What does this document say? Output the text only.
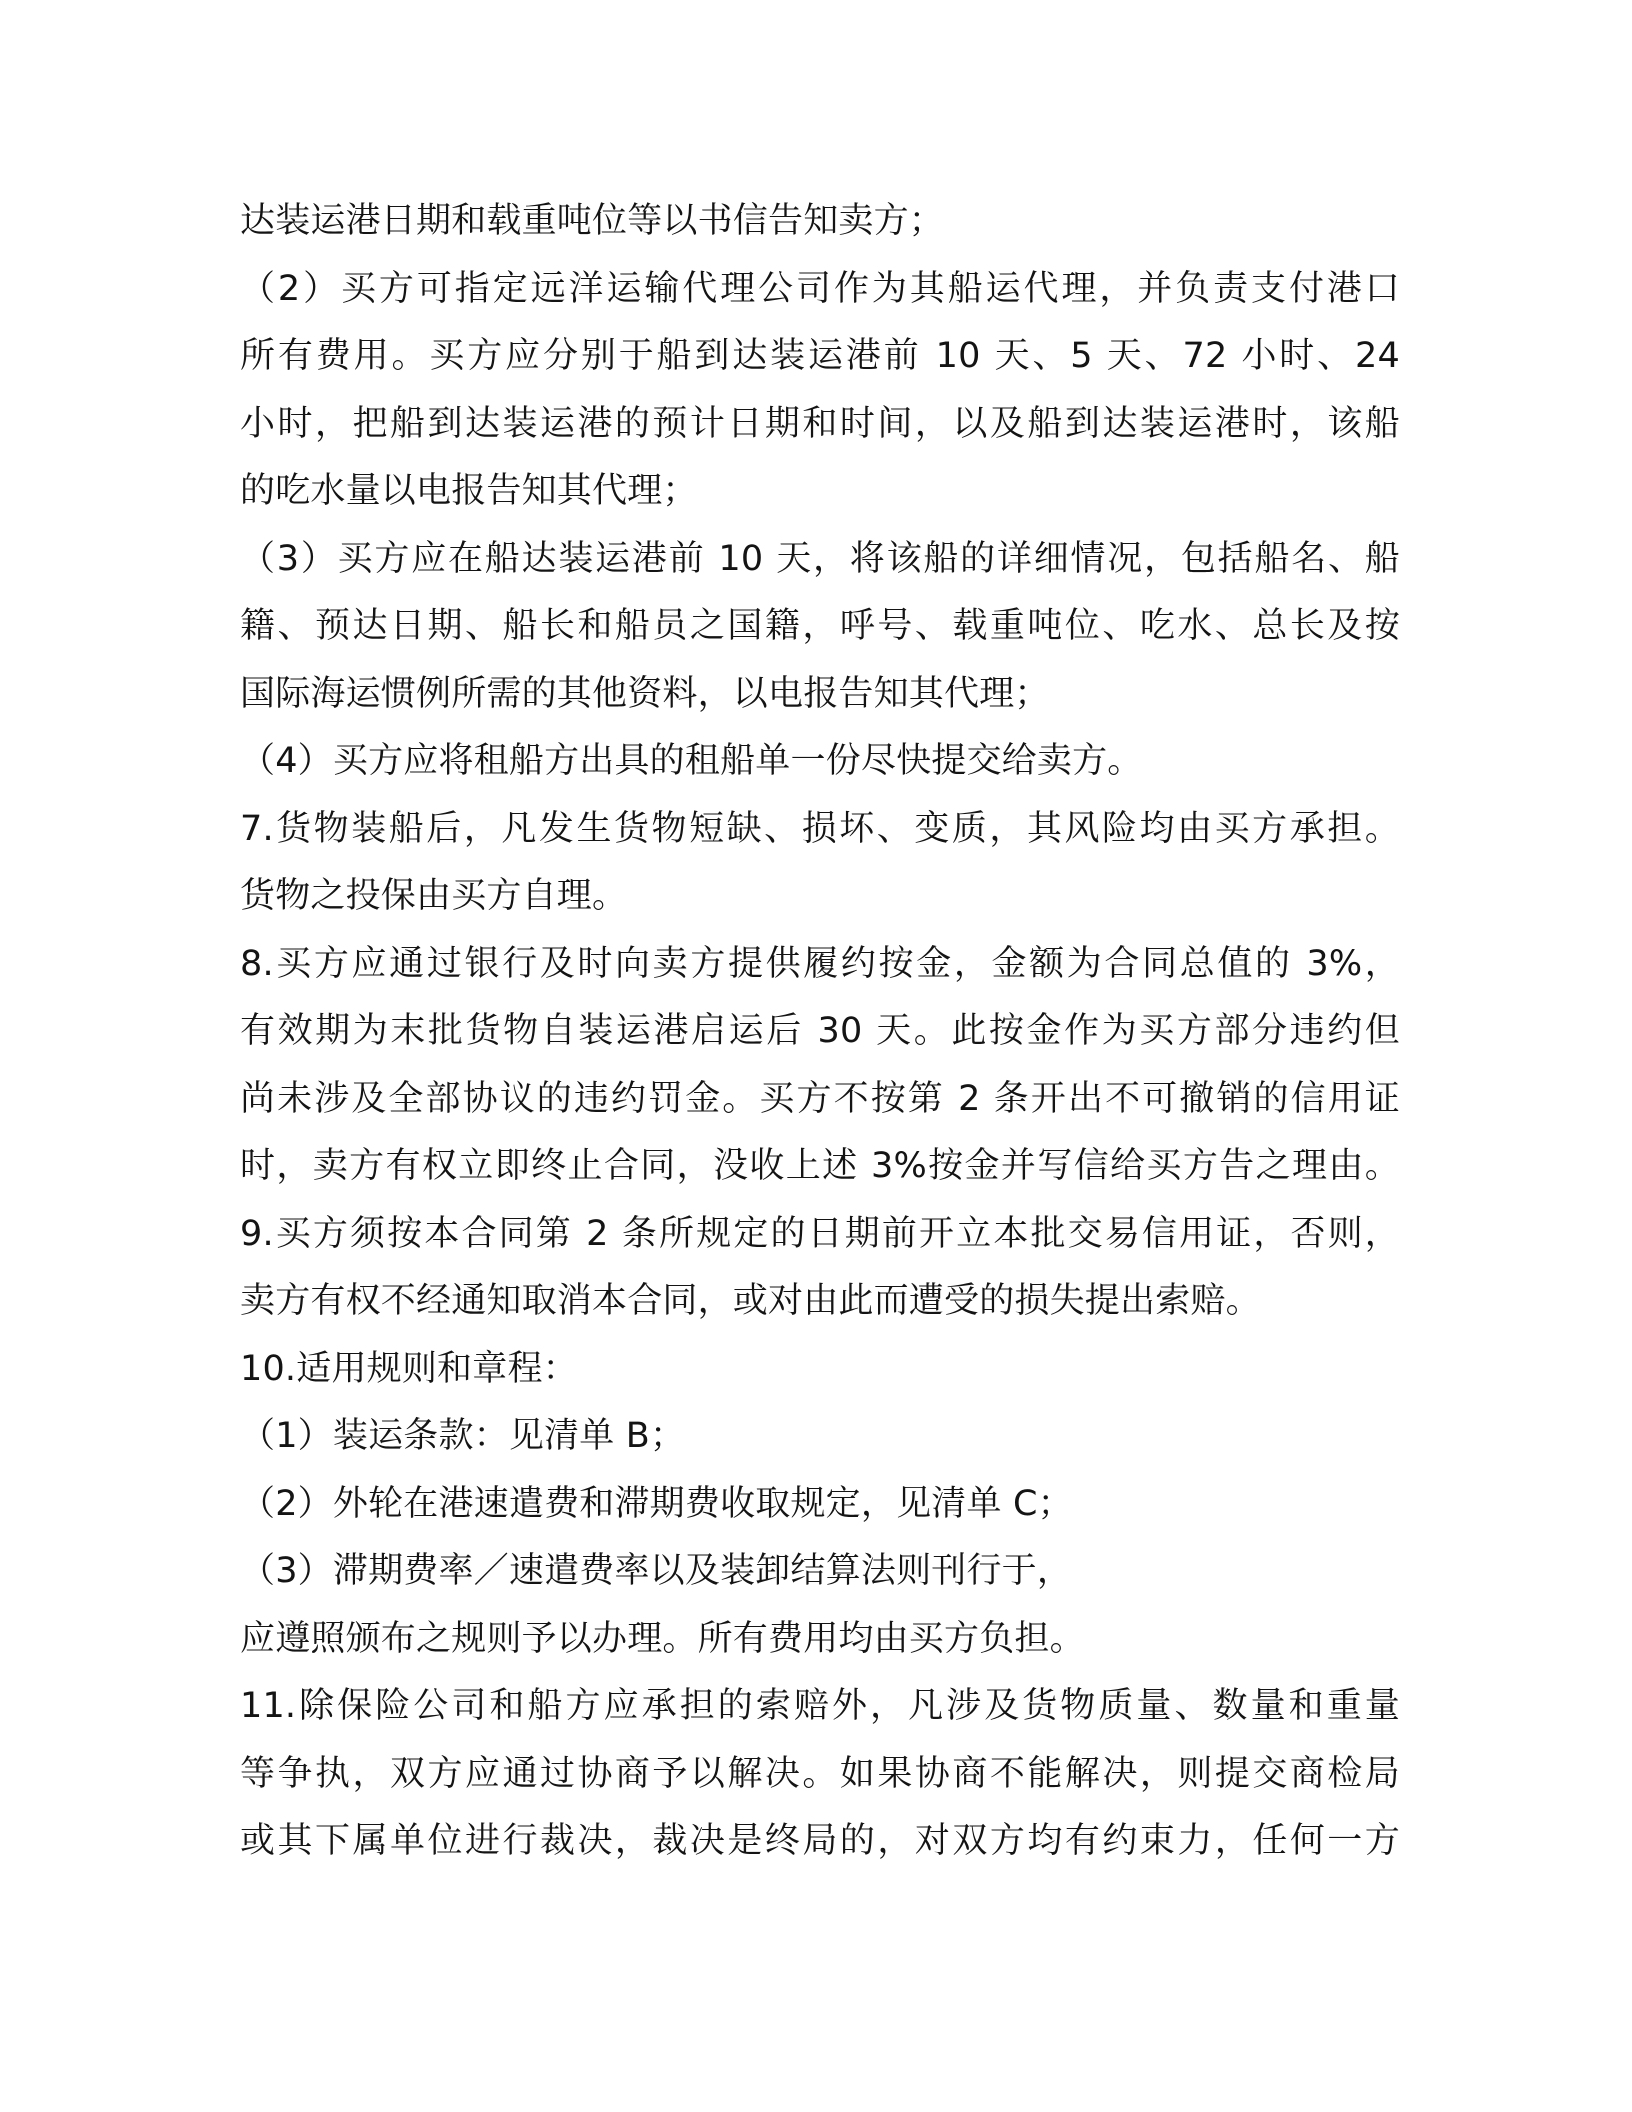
达装运港日期和载重吨位等以书信告知卖方；
（2）买方可指定远洋运输代理公司作为其船运代理，并负责支付港口
所有费用。买方应分别于船到达装运港前 10 天、5 天、72 小时、24
小时，把船到达装运港的预计日期和时间，以及船到达装运港时，该船
的吃水量以电报告知其代理；
（3）买方应在船达装运港前 10 天，将该船的详细情况，包括船名、船
籍、预达日期、船长和船员之国籍，呼号、载重吨位、吃水、总长及按
国际海运惯例所需的其他资料，以电报告知其代理；
（4）买方应将租船方出具的租船单一份尽快提交给卖方。
7.货物装船后，凡发生货物短缺、损坏、变质，其风险均由买方承担。
货物之投保由买方自理。
8.买方应通过银行及时向卖方提供履约按金，金额为合同总值的 3%，
有效期为末批货物自装运港启运后 30 天。此按金作为买方部分违约但
尚未涉及全部协议的违约罚金。买方不按第 2 条开出不可撤销的信用证
时，卖方有权立即终止合同，没收上述 3%按金并写信给买方告之理由。
9.买方须按本合同第 2 条所规定的日期前开立本批交易信用证，否则，
卖方有权不经通知取消本合同，或对由此而遭受的损失提出索赔。
10.适用规则和章程：
（1）装运条款：见清单 B；
（2）外轮在港速遣费和滞期费收取规定，见清单 C；
（3）滞期费率／速遣费率以及装卸结算法则刊行于，
应遵照颁布之规则予以办理。所有费用均由买方负担。
11.除保险公司和船方应承担的索赔外，凡涉及货物质量、数量和重量
等争执，双方应通过协商予以解决。如果协商不能解决，则提交商检局
或其下属单位进行裁决，裁决是终局的，对双方均有约束力，任何一方
